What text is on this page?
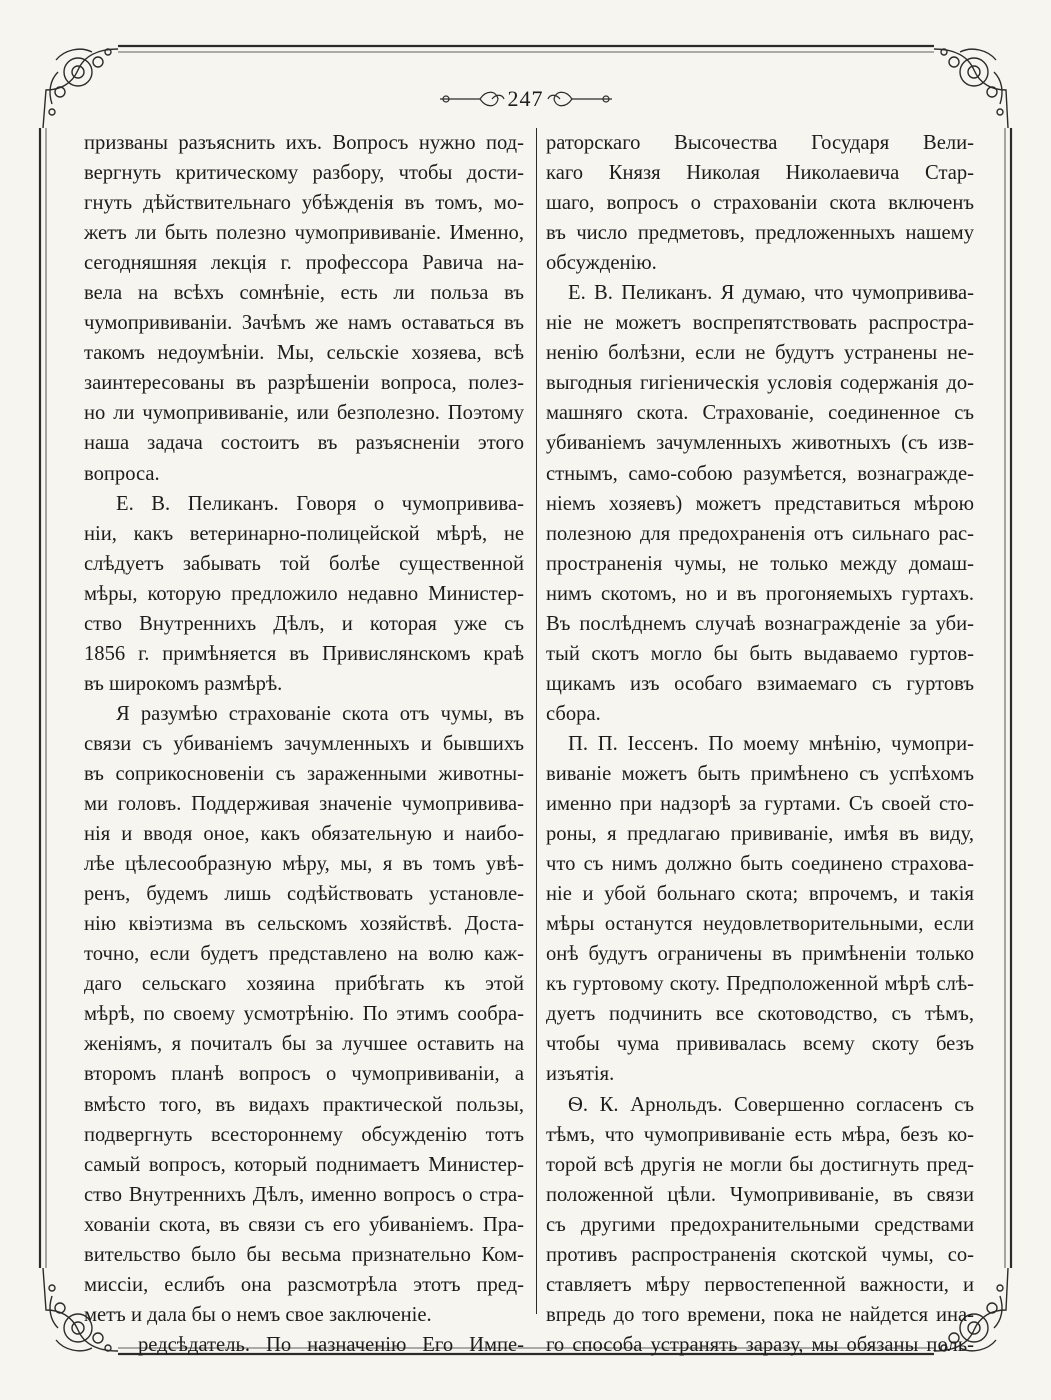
247
призваны разъяснить ихъ. Вопросъ нужно под-
вергнуть критическому разбору, чтобы дости-
гнуть дѣйствительнаго убѣжденія въ томъ, мо-
жетъ ли быть полезно чумопрививаніе. Именно,
сегодняшняя лекція г. профессора Равича на-
вела на всѣхъ сомнѣніе, есть ли польза въ
чумопрививаніи. Зачѣмъ же намъ оставаться въ
такомъ недоумѣніи. Мы, сельскіе хозяева, всѣ
заинтересованы въ разрѣшеніи вопроса, полез-
но ли чумопрививаніе, или безполезно. Поэтому
наша задача состоитъ въ разъясненіи этого
вопроса.
Е. В. Пеликанъ. Говоря о чумопривива-
ніи, какъ ветеринарно-полицейской мѣрѣ, не
слѣдуетъ забывать той болѣе существенной
мѣры, которую предложило недавно Министер-
ство Внутреннихъ Дѣлъ, и которая уже съ
1856 г. примѣняется въ Привислянскомъ краѣ
въ широкомъ размѣрѣ.
Я разумѣю страхованіе скота отъ чумы, въ
связи съ убиваніемъ зачумленныхъ и бывшихъ
въ соприкосновеніи съ зараженными животны-
ми головъ. Поддерживая значеніе чумопривива-
нія и вводя оное, какъ обязательную и наибо-
лѣе цѣлесообразную мѣру, мы, я въ томъ увѣ-
ренъ, будемъ лишь содѣйствовать установле-
нію квіэтизма въ сельскомъ хозяйствѣ. Доста-
точно, если будетъ представлено на волю каж-
даго сельскаго хозяина прибѣгать къ этой
мѣрѣ, по своему усмотрѣнію. По этимъ сообра-
женіямъ, я почиталъ бы за лучшее оставить на
второмъ планѣ вопросъ о чумопрививаніи, а
вмѣсто того, въ видахъ практической пользы,
подвергнуть всестороннему обсужденію тотъ
самый вопросъ, который поднимаетъ Министер-
ство Внутреннихъ Дѣлъ, именно вопросъ о стра-
хованіи скота, въ связи съ его убиваніемъ. Пра-
вительство было бы весьма признательно Ком-
миссіи, еслибъ она разсмотрѣла этотъ пред-
метъ и дала бы о немъ свое заключеніе.
редсѣдатель. По назначенію Его Импе-
раторскаго Высочества Государя Вели-
каго Князя Николая Николаевича Стар-
шаго, вопросъ о страхованіи скота включенъ
въ число предметовъ, предложенныхъ нашему
обсужденію.
Е. В. Пеликанъ. Я думаю, что чумопривива-
ніе не можетъ воспрепятствовать распростра-
ненію болѣзни, если не будутъ устранены не-
выгодныя гигіеническія условія содержанія до-
машняго скота. Страхованіе, соединенное съ
убиваніемъ зачумленныхъ животныхъ (съ изв-
стнымъ, само-собою разумѣется, вознагражде-
ніемъ хозяевъ) можетъ представиться мѣрою
полезною для предохраненія отъ сильнаго рас-
пространенія чумы, не только между домаш-
нимъ скотомъ, но и въ прогоняемыхъ гуртахъ.
Въ послѣднемъ случаѣ вознагражденіе за уби-
тый скотъ могло бы быть выдаваемо гуртов-
щикамъ изъ особаго взимаемаго съ гуртовъ
сбора.
П. П. Іессенъ. По моему мнѣнію, чумопри-
виваніе можетъ быть примѣнено съ успѣхомъ
именно при надзорѣ за гуртами. Съ своей сто-
роны, я предлагаю прививаніе, имѣя въ виду,
что съ нимъ должно быть соединено страхова-
ніе и убой больнаго скота; впрочемъ, и такія
мѣры останутся неудовлетворительными, если
онѣ будутъ ограничены въ примѣненіи только
къ гуртовому скоту. Предположенной мѣрѣ слѣ-
дуетъ подчинить все скотоводство, съ тѣмъ,
чтобы чума прививалась всему скоту безъ
изъятія.
Ѳ. К. Арнольдъ. Совершенно согласенъ съ
тѣмъ, что чумопрививаніе есть мѣра, безъ ко-
торой всѣ другія не могли бы достигнуть пред-
положенной цѣли. Чумопрививаніе, въ связи
съ другими предохранительными средствами
противъ распространенія скотской чумы, со-
ставляетъ мѣру первостепенной важности, и
впредь до того времени, пока не найдется ина-
го способа устранять заразу, мы обязаны поль-
